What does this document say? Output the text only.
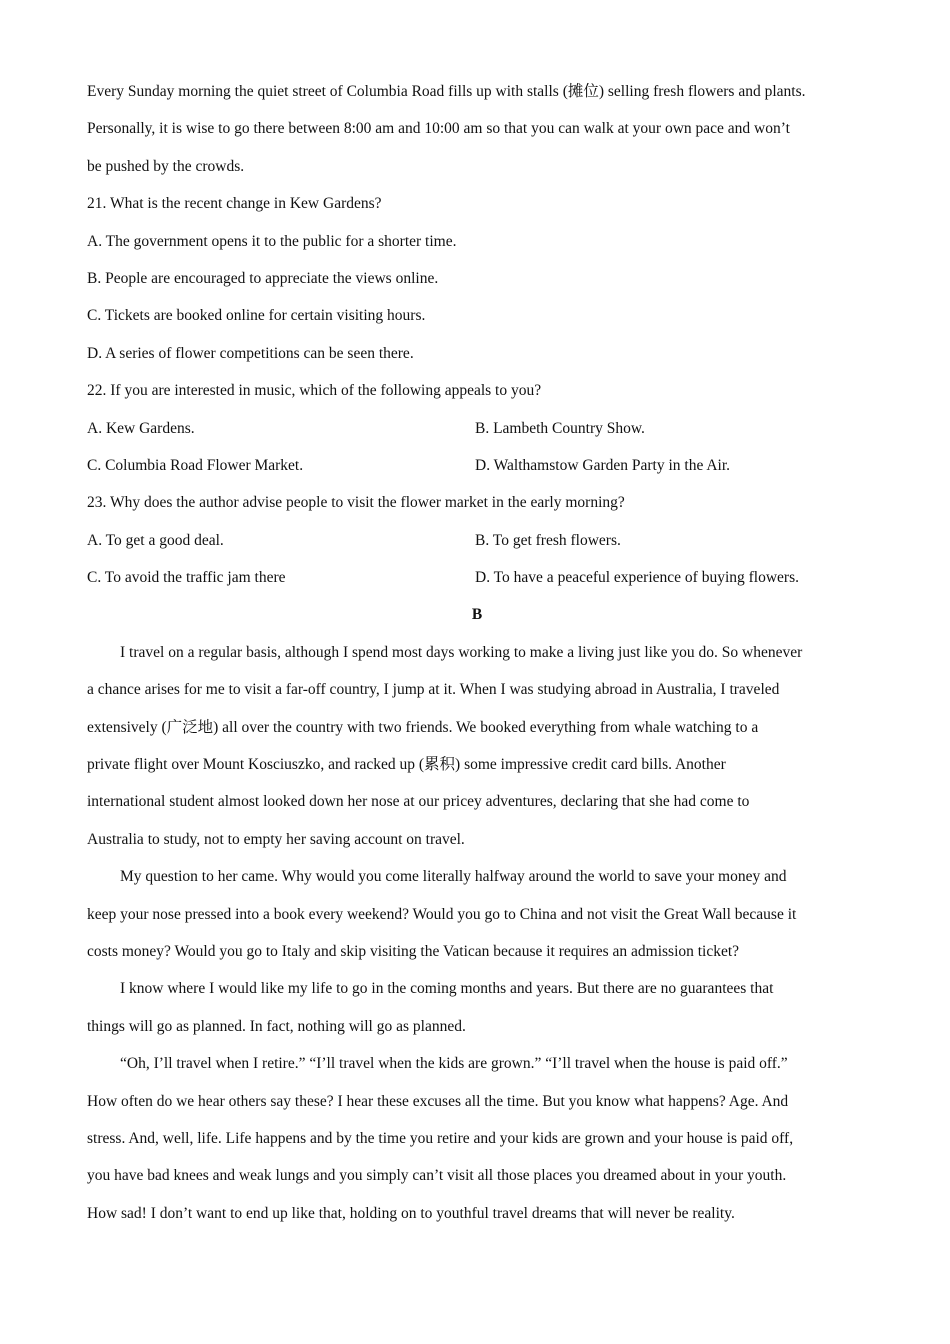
Every Sunday morning the quiet street of Columbia Road fills up with stalls (摊位) selling fresh flowers and plants.
Personally, it is wise to go there between 8:00 am and 10:00 am so that you can walk at your own pace and won’t
be pushed by the crowds.
21. What is the recent change in Kew Gardens?
A. The government opens it to the public for a shorter time.
B. People are encouraged to appreciate the views online.
C. Tickets are booked online for certain visiting hours.
D. A series of flower competitions can be seen there.
22. If you are interested in music, which of the following appeals to you?
A. Kew Gardens.	B. Lambeth Country Show.
C. Columbia Road Flower Market.	D. Walthamstow Garden Party in the Air.
23. Why does the author advise people to visit the flower market in the early morning?
A. To get a good deal.	B. To get fresh flowers.
C. To avoid the traffic jam there	D. To have a peaceful experience of buying flowers.
B
I travel on a regular basis, although I spend most days working to make a living just like you do. So whenever
a chance arises for me to visit a far-off country, I jump at it. When I was studying abroad in Australia, I traveled
extensively (广泛地) all over the country with two friends. We booked everything from whale watching to a
private flight over Mount Kosciuszko, and racked up (累积) some impressive credit card bills. Another
international student almost looked down her nose at our pricey adventures, declaring that she had come to
Australia to study, not to empty her saving account on travel.
My question to her came. Why would you come literally halfway around the world to save your money and
keep your nose pressed into a book every weekend? Would you go to China and not visit the Great Wall because it
costs money? Would you go to Italy and skip visiting the Vatican because it requires an admission ticket?
I know where I would like my life to go in the coming months and years. But there are no guarantees that
things will go as planned. In fact, nothing will go as planned.
“Oh, I’ll travel when I retire.” “I’ll travel when the kids are grown.” “I’ll travel when the house is paid off.”
How often do we hear others say these? I hear these excuses all the time. But you know what happens? Age. And
stress. And, well, life. Life happens and by the time you retire and your kids are grown and your house is paid off,
you have bad knees and weak lungs and you simply can’t visit all those places you dreamed about in your youth.
How sad! I don’t want to end up like that, holding on to youthful travel dreams that will never be reality.
